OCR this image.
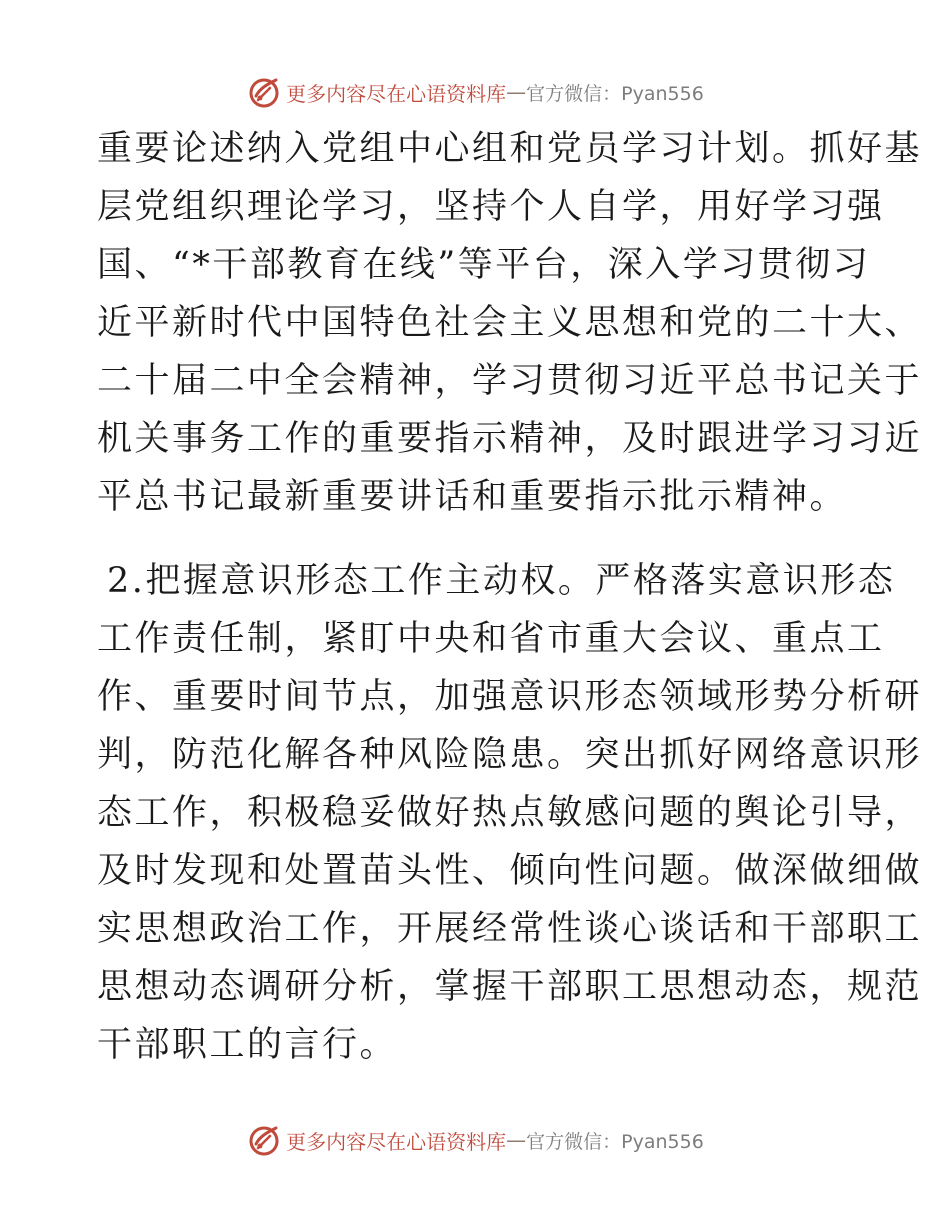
更多内容尽在心语资料库 — 官方微信：Pyan556
重要论述纳入党组中心组和党员学习计划。抓好基
层党组织理论学习，坚持个人自学，用好学习强
国、“*干部教育在线”等平台，深入学习贯彻习
近平新时代中国特色社会主义思想和党的二十大、
二十届二中全会精神，学习贯彻习近平总书记关于
机关事务工作的重要指示精神，及时跟进学习习近
平总书记最新重要讲话和重要指示批示精神。
2.把握意识形态工作主动权。严格落实意识形态
工作责任制，紧盯中央和省市重大会议、重点工
作、重要时间节点，加强意识形态领域形势分析研
判，防范化解各种风险隐患。突出抓好网络意识形
态工作，积极稳妥做好热点敏感问题的舆论引导，
及时发现和处置苗头性、倾向性问题。做深做细做
实思想政治工作，开展经常性谈心谈话和干部职工
思想动态调研分析，掌握干部职工思想动态，规范
干部职工的言行。
更多内容尽在心语资料库 — 官方微信：Pyan556
